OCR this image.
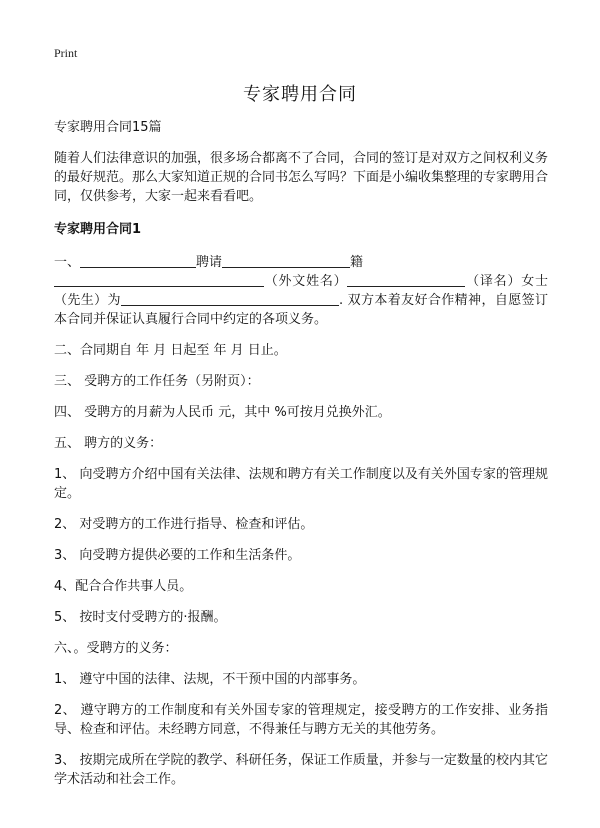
Print
专家聘用合同

专家聘用合同15篇

随着人们法律意识的加强，很多场合都离不了合同，合同的签订是对双方之间权利义务的最好规范。那么大家知道正规的合同书怎么写吗？下面是小编收集整理的专家聘用合同，仅供参考，大家一起来看看吧。

专家聘用合同1

一、	聘请	籍
（外文姓名）	（译名）女士（先生）为	. 双方本着友好合作精神，自愿签订本合同并保证认真履行合同中约定的各项义务。

二、合同期自 年 月 日起至 年 月 日止。

三、 受聘方的工作任务（另附页）：

四、 受聘方的月薪为人民币 元，其中 %可按月兑换外汇。

五、 聘方的义务：

1、 向受聘方介绍中国有关法律、法规和聘方有关工作制度以及有关外国专家的管理规定。

2、 对受聘方的工作进行指导、检查和评估。

3、 向受聘方提供必要的工作和生活条件。

4、配合合作共事人员。

5、 按时支付受聘方的·报酬。

六、。受聘方的义务：

1、 遵守中国的法律、法规，不干预中国的内部事务。

2、 遵守聘方的工作制度和有关外国专家的管理规定，接受聘方的工作安排、业务指导、检查和评估。未经聘方同意，不得兼任与聘方无关的其他劳务。

3、 按期完成所在学院的教学、科研任务，保证工作质量，并参与一定数量的校内其它学术活动和社会工作。
